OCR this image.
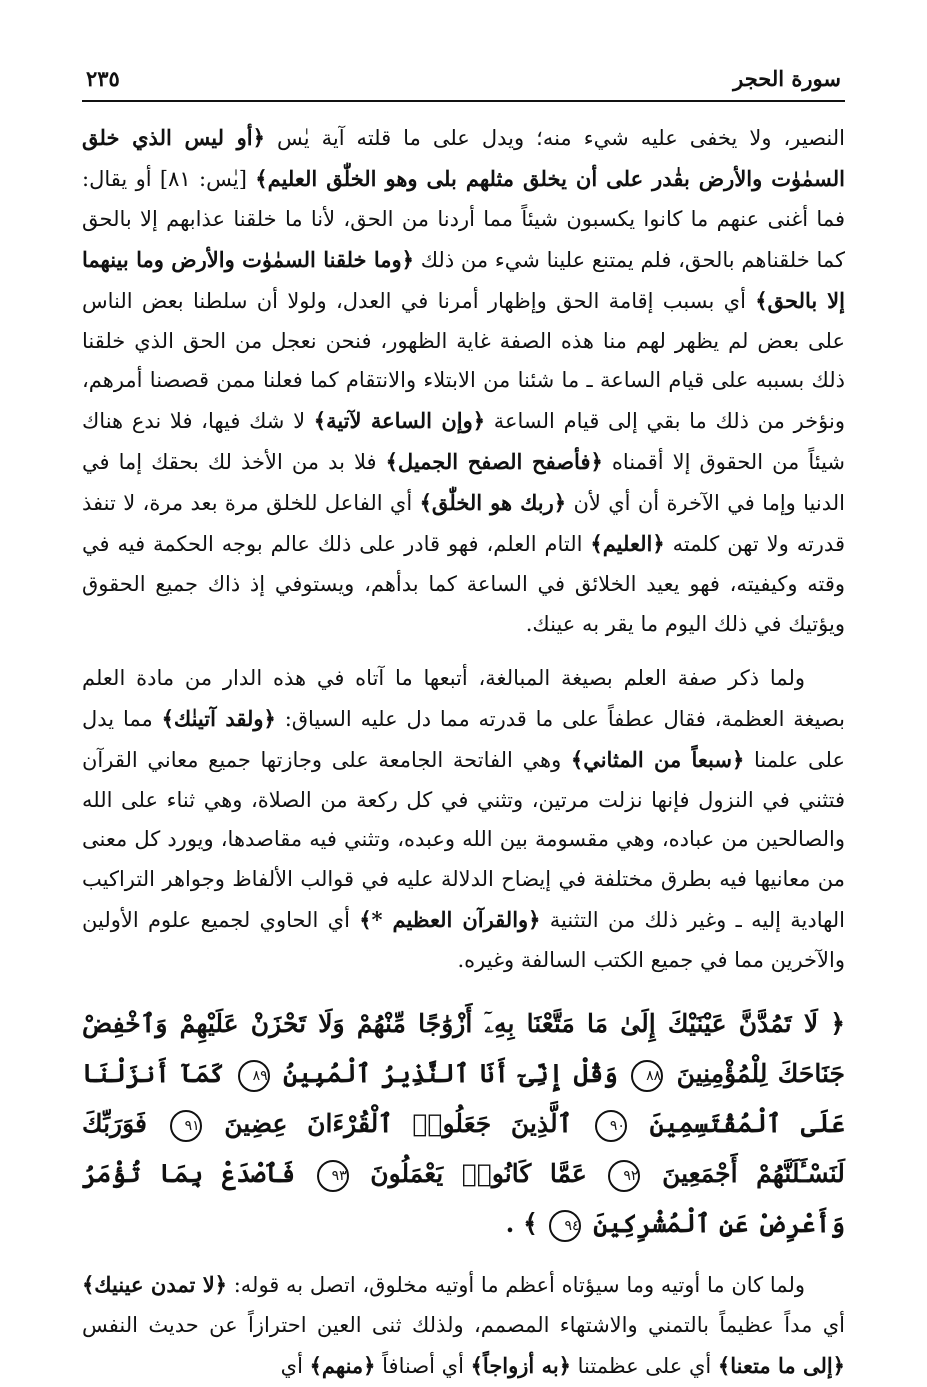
٢٣٥	سورة الحجر

النصير، ولا يخفى عليه شيء منه؛ ويدل على ما قلته آية يٰس ﴿أو ليس الذي خلق السمٰوٰت والأرض بقٰدر على أن يخلق مثلهم بلى وهو الخلّٰق العليم﴾ [يٰس: ٨١] أو يقال: فما أغنى عنهم ما كانوا يكسبون شيئاً مما أردنا من الحق، لأنا ما خلقنا عذابهم إلا بالحق كما خلقناهم بالحق، فلم يمتنع علينا شيء من ذلك ﴿وما خلقنا السمٰوٰت والأرض وما بينهما إلا بالحق﴾ أي بسبب إقامة الحق وإظهار أمرنا في العدل، ولولا أن سلطنا بعض الناس على بعض لم يظهر لهم منا هذه الصفة غاية الظهور، فنحن نعجل من الحق الذي خلقنا ذلك بسببه على قيام الساعة ـ ما شئنا من الابتلاء والانتقام كما فعلنا ممن قصصنا أمرهم، ونؤخر من ذلك ما بقي إلى قيام الساعة ﴿وإن الساعة لآتية﴾ لا شك فيها، فلا ندع هناك شيئاً من الحقوق إلا أقمناه ﴿فأصفح الصفح الجميل﴾ فلا بد من الأخذ لك بحقك إما في الدنيا وإما في الآخرة أن أي لأن ﴿ربك هو الخلّٰق﴾ أي الفاعل للخلق مرة بعد مرة، لا تنفذ قدرته ولا تهن كلمته ﴿العليم﴾ التام العلم، فهو قادر على ذلك عالم بوجه الحكمة فيه في وقته وكيفيته، فهو يعيد الخلائق في الساعة كما بدأهم، ويستوفي إذ ذاك جميع الحقوق ويؤتيك في ذلك اليوم ما يقر به عينك.

ولما ذكر صفة العلم بصيغة المبالغة، أتبعها ما آتاه في هذه الدار من مادة العلم بصيغة العظمة، فقال عطفاً على ما قدرته مما دل عليه السياق: ﴿ولقد آتينٰك﴾ مما يدل على علمنا ﴿سبعاً من المثاني﴾ وهي الفاتحة الجامعة على وجازتها جميع معاني القرآن فتثني في النزول فإنها نزلت مرتين، وتثني في كل ركعة من الصلاة، وهي ثناء على الله والصالحين من عباده، وهي مقسومة بين الله وعبده، وتثني فيه مقاصدها، ويورد كل معنى من معانيها فيه بطرق مختلفة في إيضاح الدلالة عليه في قوالب الألفاظ وجواهر التراكيب الهادية إليه ـ وغير ذلك من التثنية ﴿والقرآن العظيم *﴾ أي الحاوي لجميع علوم الأولين والآخرين مما في جميع الكتب السالفة وغيره.

﴿ لَا تَمُدَّنَّ عَيْنَيْكَ إِلَىٰ مَا مَتَّعْنَا بِهِۦٓ أَزْوَٰجًا مِّنْهُمْ وَلَا تَحْزَنْ عَلَيْهِمْ وَٱخْفِضْ جَنَاحَكَ لِلْمُؤْمِنِينَ ٨٨ وَقُلْ إِنِّىٓ أَنَا ٱلنَّذِيرُ ٱلْمُبِينُ ٨٩ كَمَآ أَنزَلْنَا عَلَى ٱلْمُقْتَسِمِينَ ٩٠ ٱلَّذِينَ جَعَلُوا۟ ٱلْقُرْءَانَ عِضِينَ ٩١ فَوَرَبِّكَ لَنَسْـَٔلَنَّهُمْ أَجْمَعِينَ ٩٢ عَمَّا كَانُوا۟ يَعْمَلُونَ ٩٣ فَٱصْدَعْ بِمَا تُؤْمَرُ وَأَعْرِضْ عَنِ ٱلْمُشْرِكِينَ ٩٤ ﴾ .

ولما كان ما أوتيه وما سيؤتاه أعظم ما أوتيه مخلوق، اتصل به قوله: ﴿لا تمدن عينيك﴾ أي مداً عظيماً بالتمني والاشتهاء المصمم، ولذلك ثنى العين احترازاً عن حديث النفس ﴿إلى ما متعنا﴾ أي على عظمتنا ﴿به أزواجاً﴾ أي أصنافاً ﴿منهم﴾ أي
